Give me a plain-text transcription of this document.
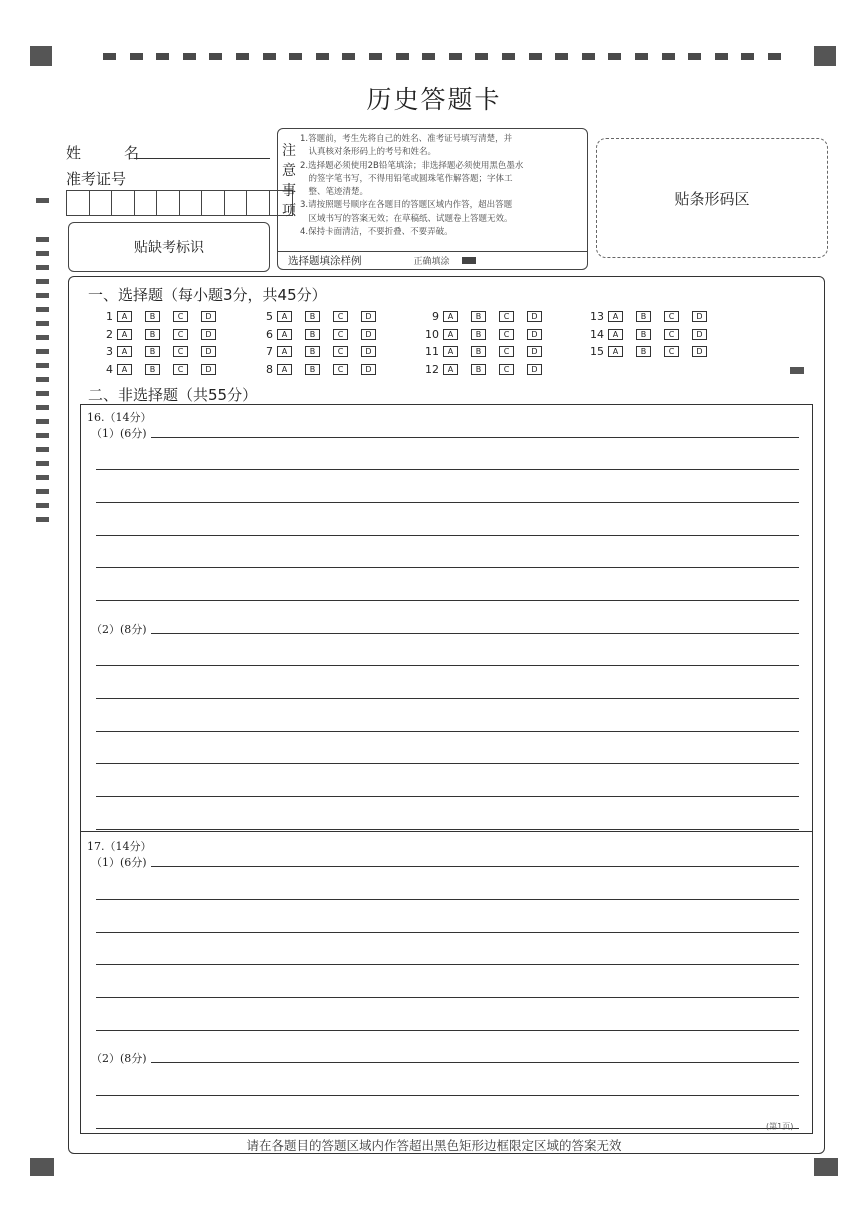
历史答题卡
姓　名
准考证号
贴缺考标识
注意事项
1.答题前，考生先将自己的姓名、准考证号填写清楚，并
　认真核对条形码上的考号和姓名。
2.选择题必须使用2B铅笔填涂；非选择题必须使用黑色墨水
　的签字笔书写，不得用铅笔或圆珠笔作解答题；字体工
　整、笔迹清楚。
3.请按照题号顺序在各题目的答题区域内作答，超出答题
　区域书写的答案无效；在草稿纸、试题卷上答题无效。
4.保持卡面清洁，不要折叠、不要弄破。
选择题填涂样例	正确填涂
贴条形码区
一、选择题（每小题3分，共45分）
1	A	B	C	D
2	A	B	C	D
3	A	B	C	D
4	A	B	C	D
5	A	B	C	D
6	A	B	C	D
7	A	B	C	D
8	A	B	C	D
9	A	B	C	D
10	A	B	C	D
11	A	B	C	D
12	A	B	C	D
13	A	B	C	D
14	A	B	C	D
15	A	B	C	D
二、非选择题（共55分）
16.（14分）
（1）(6分)
（2）(8分)
17.（14分）
（1）(6分)
（2）(8分)
(第1页)
请在各题目的答题区域内作答超出黑色矩形边框限定区域的答案无效
